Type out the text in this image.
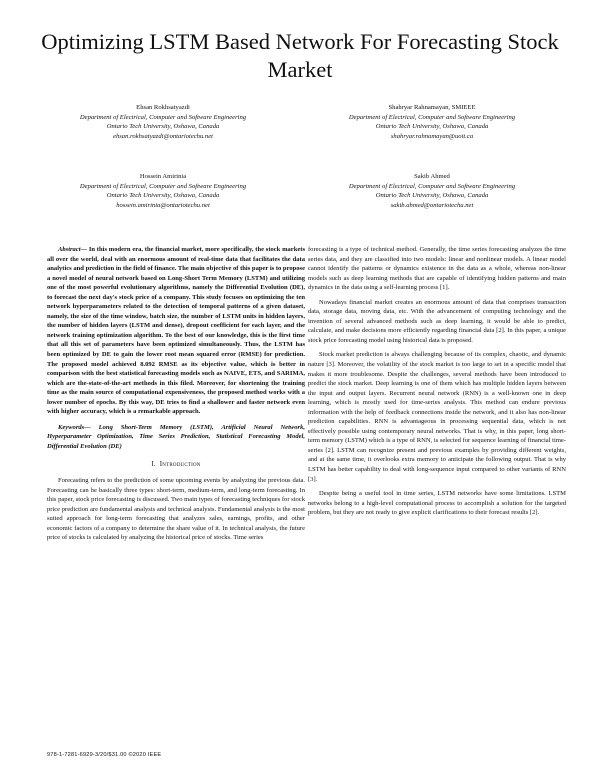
Optimizing LSTM Based Network For Forecasting Stock Market
Ehsan Rokhsatyazdi
Department of Electrical, Computer and Software Engineering
Ontario Tech University, Oshawa, Canada
ehsan.rokhsatyazdi@ontariotechu.net
Shahryar Rahnamayan, SMIEEE
Department of Electrical, Computer and Software Engineering
Ontario Tech University, Oshawa, Canada
shahryar.rahnamayan@uoit.ca
Hossein Amirinia
Department of Electrical, Computer and Software Engineering
Ontario Tech University, Oshawa, Canada
hossein.amirinia@ontariotechu.net
Sakib Ahmed
Department of Electrical, Computer and Software Engineering
Ontario Tech University, Oshawa, Canada
sakib.ahmed@ontariotechu.net

Abstract— In this modern era, the financial market, more specifically, the stock markets all over the world, deal with an enormous amount of real-time data that facilitates the data analytics and prediction in the field of finance. The main objective of this paper is to propose a novel model of neural network based on Long-Short Term Memory (LSTM) and utilizing one of the most powerful evolutionary algorithms, namely the Differential Evolution (DE), to forecast the next day's stock price of a company. This study focuses on optimizing the ten network hyperparameters related to the detection of temporal patterns of a given dataset, namely, the size of the time window, batch size, the number of LSTM units in hidden layers, the number of hidden layers (LSTM and dense), dropout coefficient for each layer, and the network training optimization algorithm. To the best of our knowledge, this is the first time that all this set of parameters have been optimized simultaneously. Thus, the LSTM has been optimized by DE to gain the lower root mean squared error (RMSE) for prediction. The proposed model achieved 8.092 RMSE as its objective value, which is better in comparison with the best statistical forecasting models such as NAIVE, ETS, and SARIMA, which are the-state-of-the-art methods in this filed. Moreover, for shortening the training time as the main source of computational expensiveness, the proposed method works with a lower number of epochs. By this way, DE tries to find a shallower and faster network even with higher accuracy, which is a remarkable approach.

Keywords— Long Short-Term Memory (LSTM), Artificial Neural Network, Hyperparameter Optimization, Time Series Prediction, Statistical Forecasting Model, Differential Evolution (DE)

I. Introduction

Forecasting refers to the prediction of some upcoming events by analyzing the previous data. Forecasting can be basically three types: short-term, medium-term, and long-term forecasting. In this paper, stock price forecasting is discussed. Two main types of forecasting techniques for stock price prediction are fundamental analysis and technical analysis. Fundamental analysis is the most suited approach for long-term forecasting that analyzes sales, earnings, profits, and other economic factors of a company to determine the share value of it. In technical analysis, the future price of stocks is calculated by analyzing the historical price of stocks. Time series

forecasting is a type of technical method. Generally, the time series forecasting analyzes the time series data, and they are classified into two models: linear and nonlinear models. A linear model cannot identify the patterns or dynamics existence in the data as a whole, whereas non-linear models such as deep learning methods that are capable of identifying hidden patterns and main dynamics in the data using a self-learning process [1].

Nowadays financial market creates an enormous amount of data that comprises transaction data, storage data, moving data, etc. With the advancement of computing technology and the invention of several advanced methods such as deep learning, it would be able to predict, calculate, and make decisions more efficiently regarding financial data [2]. In this paper, a unique stock price forecasting model using historical data is proposed.

Stock market prediction is always challenging because of its complex, chaotic, and dynamic nature [3]. Moreover, the volatility of the stock market is too large to set in a specific model that makes it more troublesome. Despite the challenges, several methods have been introduced to predict the stock market. Deep learning is one of them which has multiple hidden layers between the input and output layers. Recurrent neural network (RNN) is a well-known one in deep learning, which is mostly used for time-series analysis. This method can endure previous information with the help of feedback connections inside the network, and it also has non-linear prediction capabilities. RNN is advantageous in processing sequential data, which is not effectively possible using contemporary neural networks. That is why, in this paper, long short-term memory (LSTM) which is a type of RNN, is selected for sequence learning of financial time-series [2]. LSTM can recognize present and previous examples by providing different weights, and at the same time, it overlooks extra memory to anticipate the following output. That is why LSTM has better capability to deal with long-sequence input compared to other variants of RNN [3].

Despite being a useful tool in time series, LSTM networks have some limitations. LSTM networks belong to a high-level computational process to accomplish a solution for the targeted problem, but they are not ready to give explicit clarifications to their forecast results [2].

978-1-7281-6929-3/20/$31.00 ©2020 IEEE
